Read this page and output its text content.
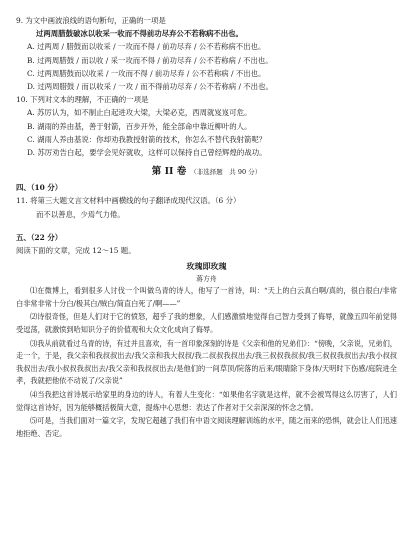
9. 为文中画波浪线的语句断句，正确的一项是
过两周腊鼓破冰以收采一收而不得前功尽弃公不若称病不出也。
A. 过两周 / 腊鼓而以收采 / 一攻而不得 / 前功尽弃 / 公不若称病不出也。
B. 过两周腊鼓 / 而以收 / 采一攻而不得 / 前功尽弃 / 公不若称病 / 不出也。
C. 过两周腊鼓而以收采 / 一攻而不得 / 前功尽弃 / 公不若称病 / 不出也。
D. 过两周腊鼓 / 而以收采 / 一攻 / 而不得前功尽弃 / 公不若称病 / 不出也。
10. 下列对文本的理解，不正确的一项是
A. 苏厉认为，如不制止白起进攻大梁，大梁必克，西周就岌岌可危。
B. 湖雨的养由基，善于射箭，百步开外，能全部命中靠近柳叶的人。
C. 湖雨人养由基说：你却劝我教授射箭的技术，你怎么不替代我射箭呢？
D. 苏厉劝告白起，要学会见好就收，这样可以保持自己曾经辉煌的战功。
第 II 卷 （非选择题　共 90 分）
四、（10 分）
11. 将第三大题文言文材料中画横线的句子翻译成现代汉语。（6 分）
而不以善息，少焉气力倦。
五、（22 分）
阅读下面的文章，完成 12～15 题。
玫瑰即玫瑰
蒋方舟
⑴在微博上，看到很多人讨伐一个叫做乌青的诗人，他写了一首诗，叫：“天上的白云真白啊/真的，很白很白/非常白非常非常十分白/极其白/贼白/简直白死了/啊——”
⑵诗很奇怪，但是人们对于它的愤怒，超乎了我的想象，人们感激愤地觉得自己智力受到了侮辱，就像五四年前觉得受逗荡，就激愤到哈知识分子的价值观和大众文化成向了侮辱。
⑶我从前就看过乌青的诗，有过并且喜欢，有一首印象深刻的诗是《父亲和他的兄弟们》：“傍晚，父亲说，兄弟们，走一个，于是，我父亲和我叔叔出去/我父亲和我大叔叔/我二叔叔我叔出去/我三叔叔我叔叔/我三叔叔我叔出去/我小叔叔我叔出去/我小叔叔我叔出去/我父亲和我叔叔出去/是他们的一间草顶/院落的后来/眼睛除下身体/天明时下伤感/庭院进全孝，我就把他依不动说了/父亲说”
⑷当我把这首诗展示给家里的身边的诗人，有着人生变化：“如果他名字就是这样，就不会被骂得这么厉害了，人们觉得这首诗好，因为能够概括极简大意，提炼中心思想：表达了作者对于父亲深深的怀念之情。
⑸可是，当我们面对一篇文字，发现它超越了我们有中语文阅读理解训练的水平，随之而来的恐惧，就会让人们迅速地拒绝、否定。
